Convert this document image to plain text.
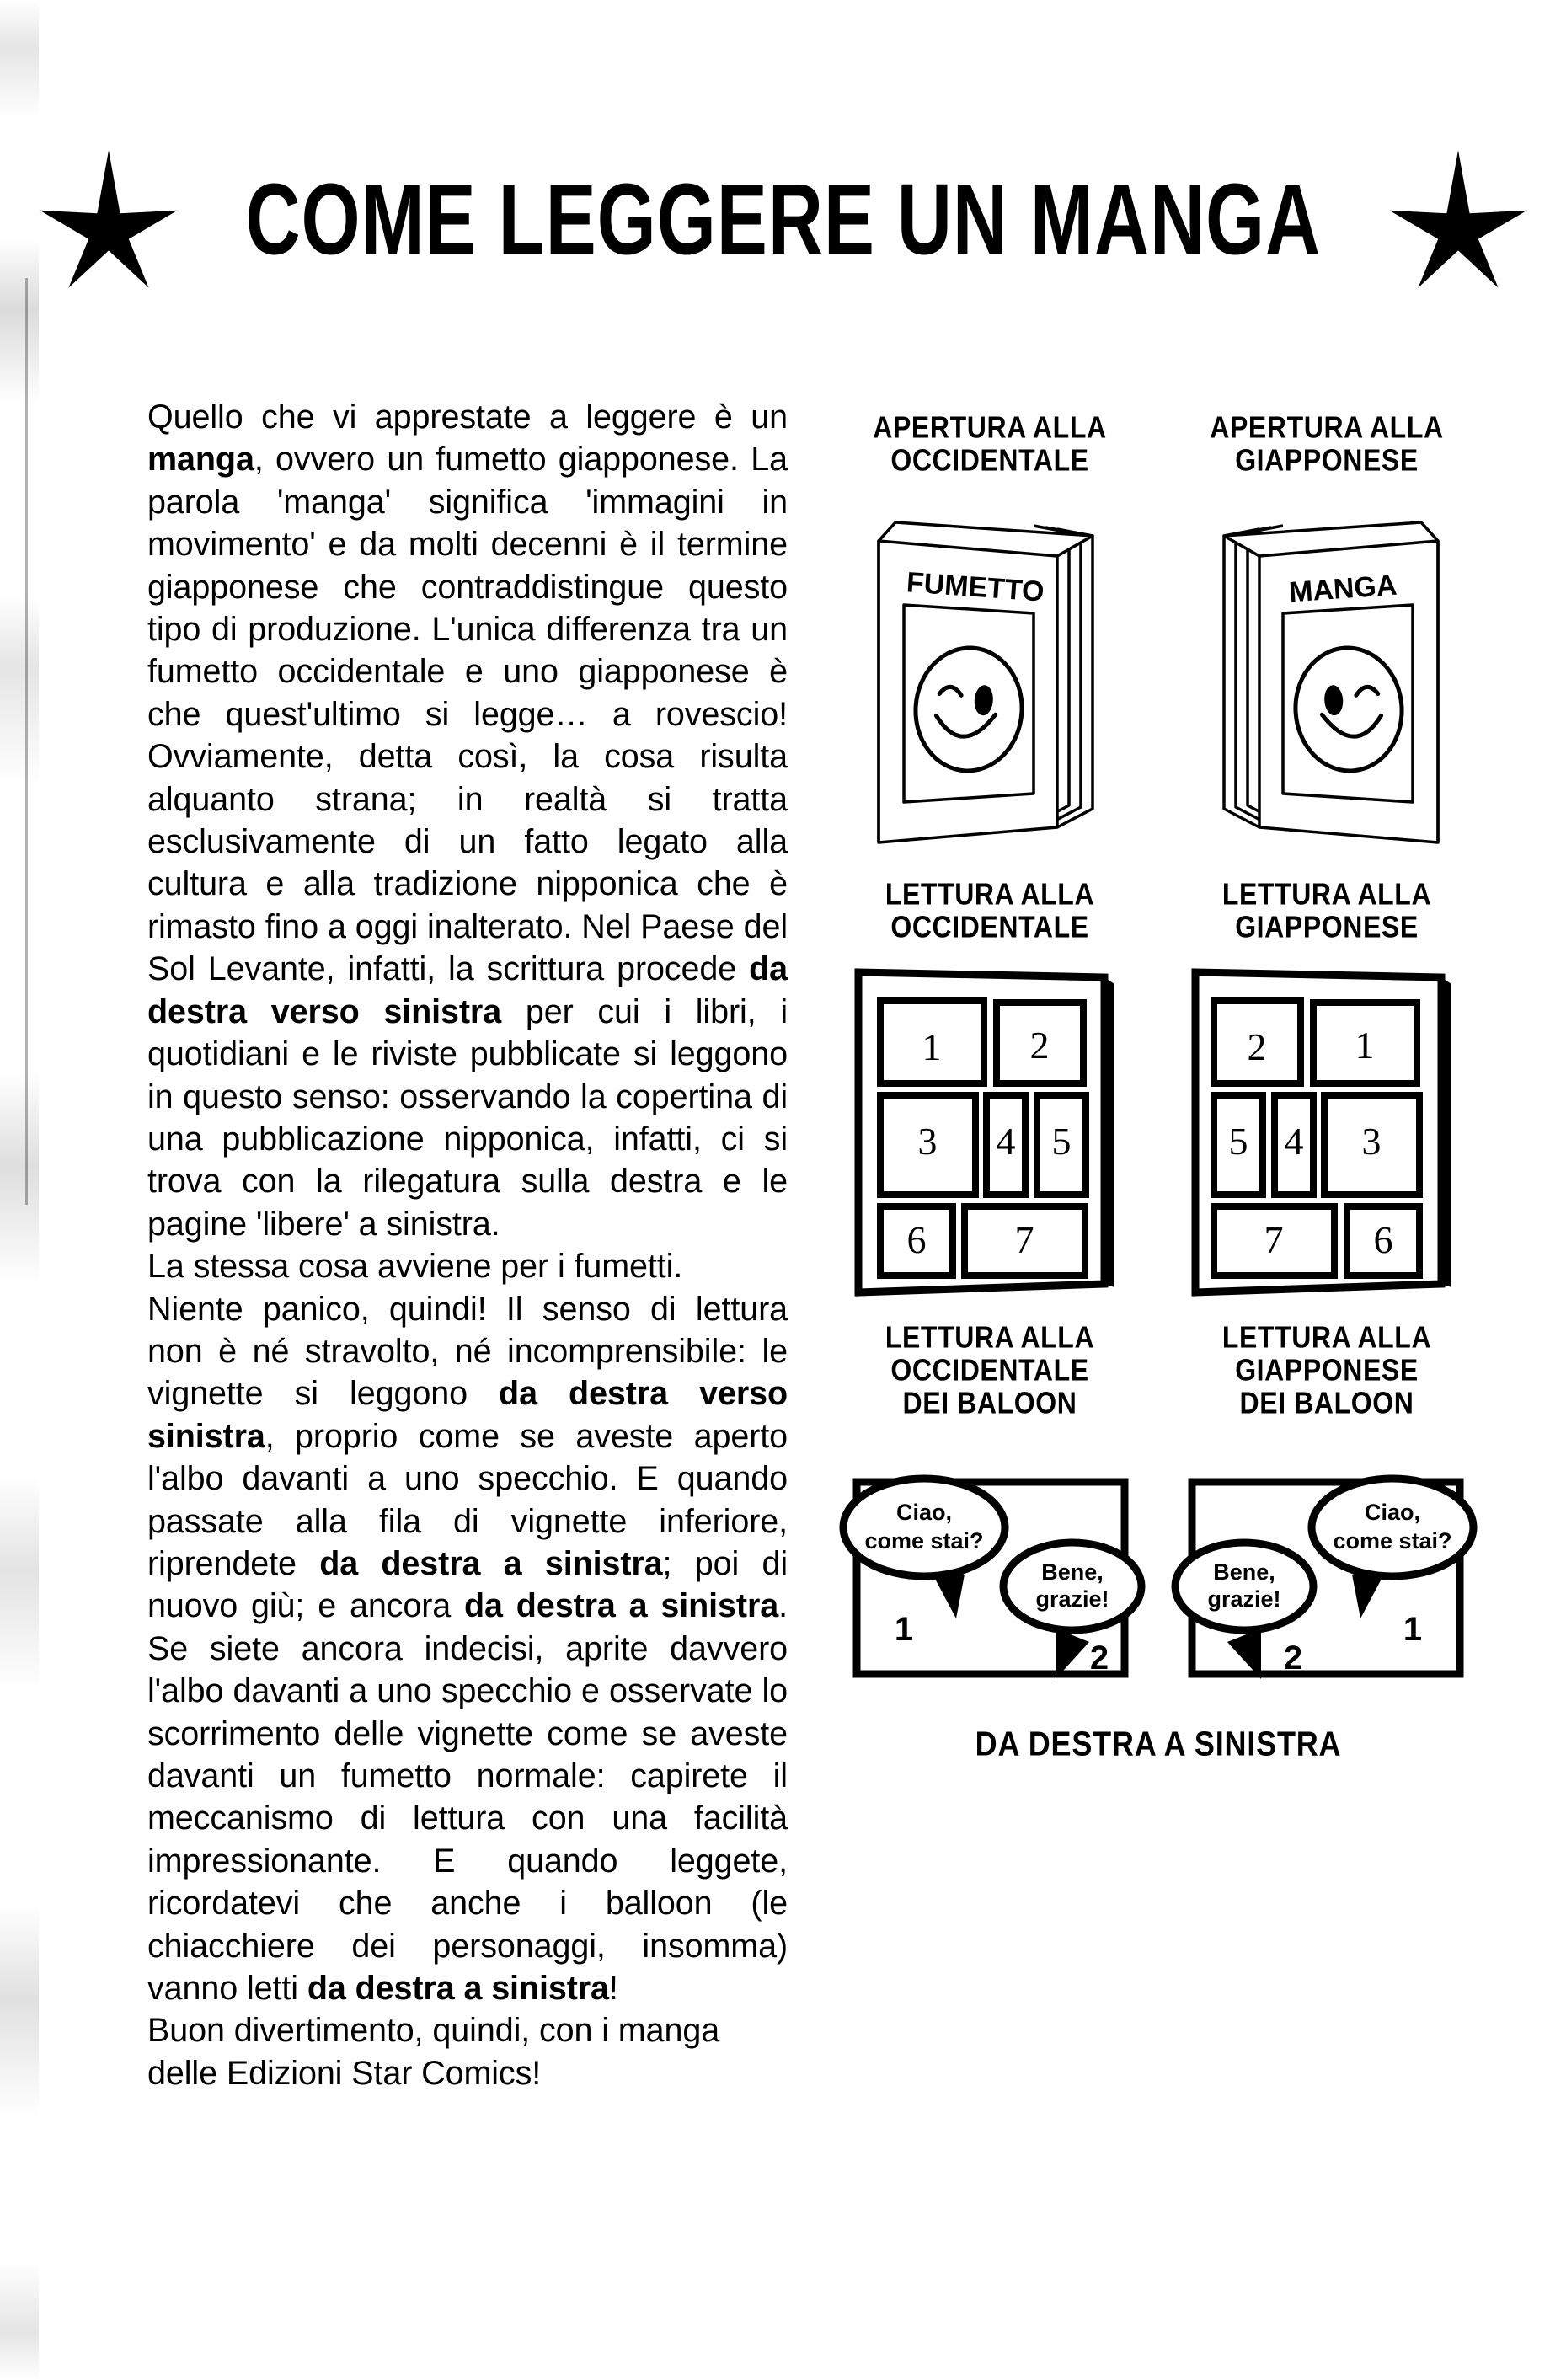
COME LEGGERE UN MANGA

Quello che vi apprestate a leggere è un manga, ovvero un fumetto giapponese. La parola 'manga' significa 'immagini in movimento' e da molti decenni è il termine giapponese che contraddistingue questo tipo di produzione. L'unica differenza tra un fumetto occidentale e uno giapponese è che quest'ultimo si legge… a rovescio! Ovviamente, detta così, la cosa risulta alquanto strana; in realtà si tratta esclusivamente di un fatto legato alla cultura e alla tradizione nipponica che è rimasto fino a oggi inalterato. Nel Paese del Sol Levante, infatti, la scrittura procede da destra verso sinistra per cui i libri, i quotidiani e le riviste pubblicate si leggono in questo senso: osservando la copertina di una pubblicazione nipponica, infatti, ci si trova con la rilegatura sulla destra e le pagine 'libere' a sinistra.

La stessa cosa avviene per i fumetti.

Niente panico, quindi! Il senso di lettura non è né stravolto, né incomprensibile: le vignette si leggono da destra verso sinistra, proprio come se aveste aperto l'albo davanti a uno specchio. E quando passate alla fila di vignette inferiore, riprendete da destra a sinistra; poi di nuovo giù; e ancora da destra a sinistra. Se siete ancora indecisi, aprite davvero l'albo davanti a uno specchio e osservate lo scorrimento delle vignette come se aveste davanti un fumetto normale: capirete il meccanismo di lettura con una facilità impressionante. E quando leggete, ricordatevi che anche i balloon (le chiacchiere dei personaggi, insomma) vanno letti da destra a sinistra!

Buon divertimento, quindi, con i manga delle Edizioni Star Comics!

APERTURA ALLA
OCCIDENTALE
APERTURA ALLA
GIAPPONESE
FUMETTO	MANGA
LETTURA ALLA
OCCIDENTALE
LETTURA ALLA
GIAPPONESE
1 2
3 4 5
6 7
2 1
5 4 3
7 6
LETTURA ALLA
OCCIDENTALE
DEI BALOON
LETTURA ALLA
GIAPPONESE
DEI BALOON
Ciao,
come stai?
1
Bene,
grazie!
2
Ciao,
come stai?
1
Bene,
grazie!
2
DA DESTRA A SINISTRA
